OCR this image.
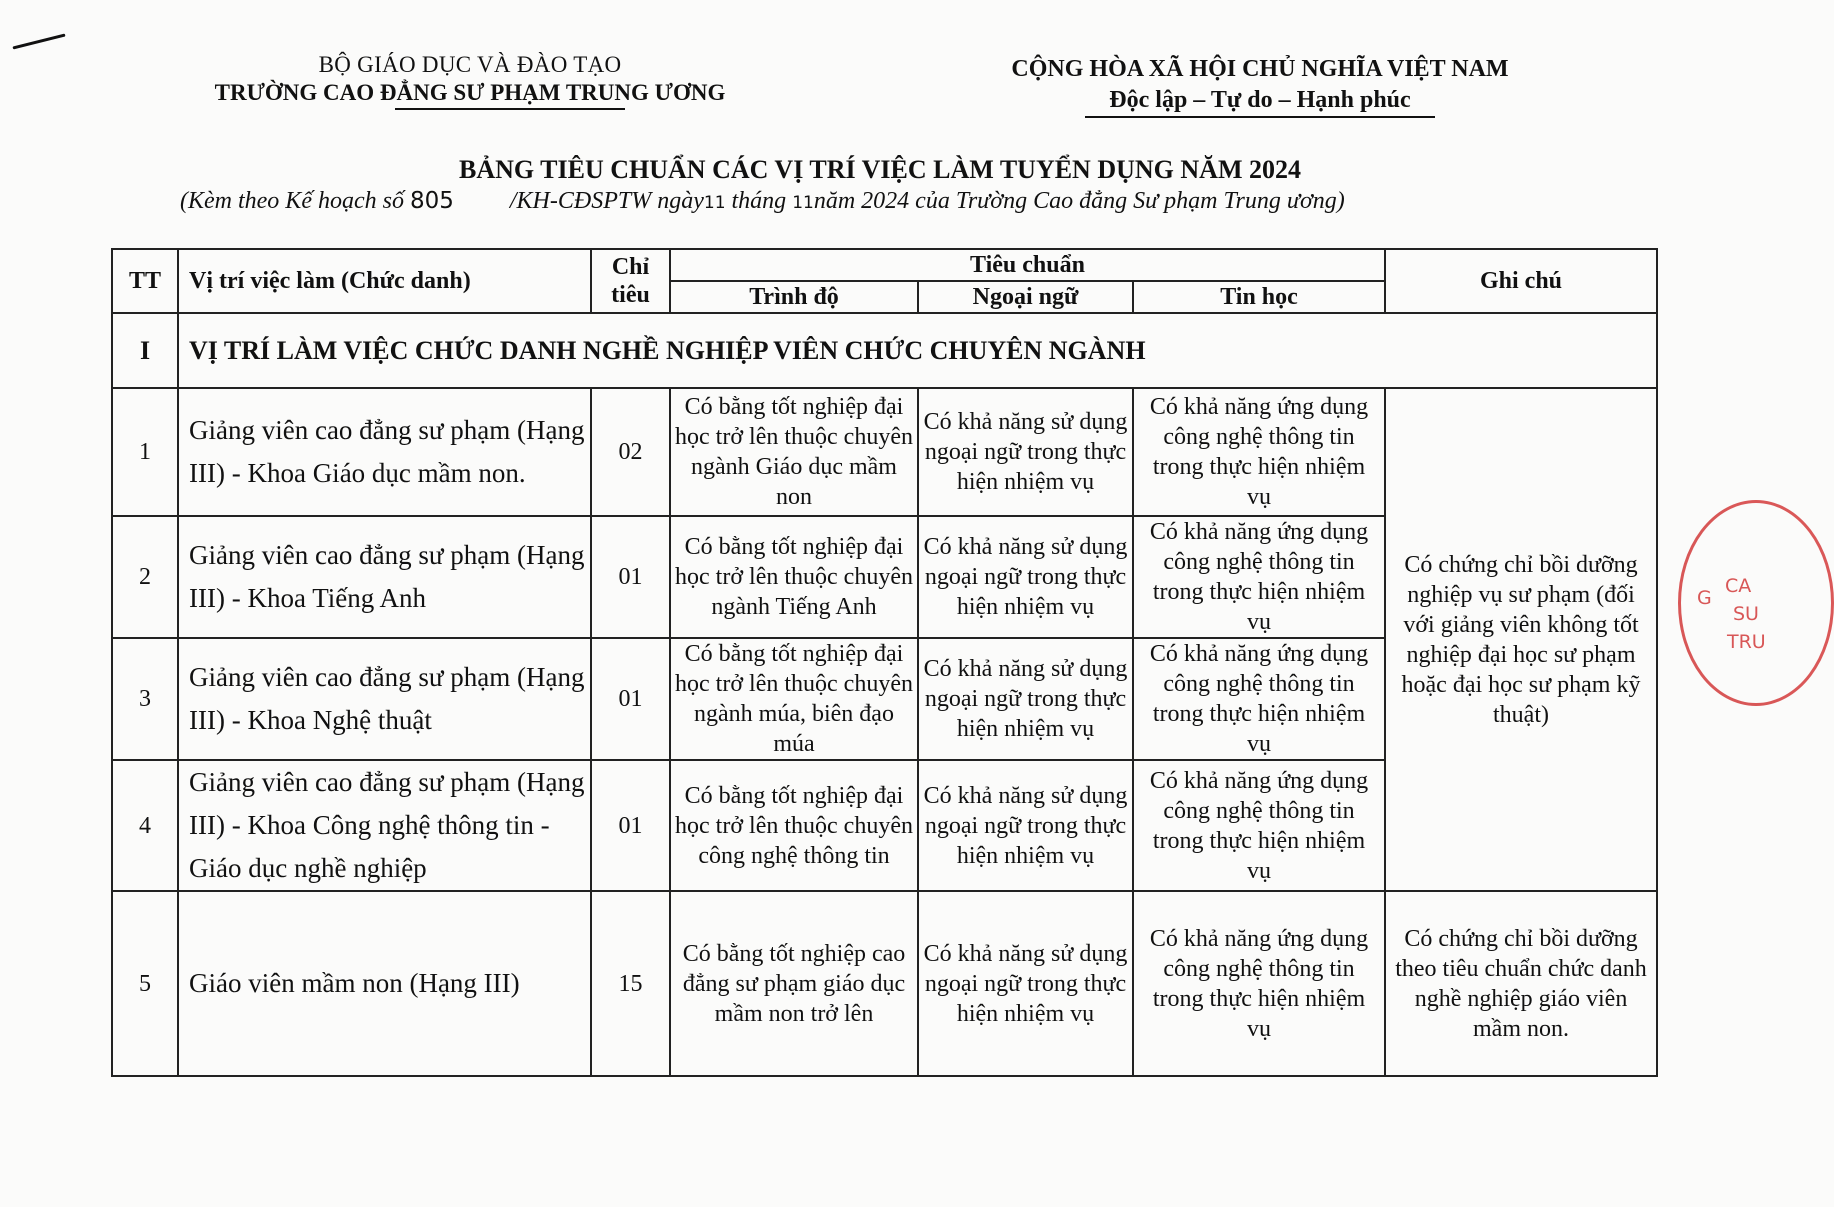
BỘ GIÁO DỤC VÀ ĐÀO TẠO
TRƯỜNG CAO ĐẲNG SƯ PHẠM TRUNG ƯƠNG
CỘNG HÒA XÃ HỘI CHỦ NGHĨA VIỆT NAM
Độc lập – Tự do – Hạnh phúc
BẢNG TIÊU CHUẨN CÁC VỊ TRÍ VIỆC LÀM TUYỂN DỤNG NĂM 2024
(Kèm theo Kế hoạch số 805 /KH-CĐSPTW ngày11 tháng 11năm 2024 của Trường Cao đẳng Sư phạm Trung ương)
TT	Vị trí việc làm (Chức danh)	Chỉ tiêu	Tiêu chuẩn			Ghi chú
			Trình độ	Ngoại ngữ	Tin học	
I	VỊ TRÍ LÀM VIỆC CHỨC DANH NGHỀ NGHIỆP VIÊN CHỨC CHUYÊN NGÀNH					
1	Giảng viên cao đẳng sư phạm (Hạng III) - Khoa Giáo dục mầm non.	02	Có bằng tốt nghiệp đại học trở lên thuộc chuyên ngành Giáo dục mầm non	Có khả năng sử dụng ngoại ngữ trong thực hiện nhiệm vụ	Có khả năng ứng dụng công nghệ thông tin trong thực hiện nhiệm vụ	Có chứng chỉ bồi dưỡng nghiệp vụ sư phạm (đối với giảng viên không tốt nghiệp đại học sư phạm hoặc đại học sư phạm kỹ thuật)
2	Giảng viên cao đẳng sư phạm (Hạng III) - Khoa Tiếng Anh	01	Có bằng tốt nghiệp đại học trở lên thuộc chuyên ngành Tiếng Anh	Có khả năng sử dụng ngoại ngữ trong thực hiện nhiệm vụ	Có khả năng ứng dụng công nghệ thông tin trong thực hiện nhiệm vụ	
3	Giảng viên cao đẳng sư phạm (Hạng III) - Khoa Nghệ thuật	01	Có bằng tốt nghiệp đại học trở lên thuộc chuyên ngành múa, biên đạo múa	Có khả năng sử dụng ngoại ngữ trong thực hiện nhiệm vụ	Có khả năng ứng dụng công nghệ thông tin trong thực hiện nhiệm vụ	
4	Giảng viên cao đẳng sư phạm (Hạng III) - Khoa Công nghệ thông tin - Giáo dục nghề nghiệp	01	Có bằng tốt nghiệp đại học trở lên thuộc chuyên công nghệ thông tin	Có khả năng sử dụng ngoại ngữ trong thực hiện nhiệm vụ	Có khả năng ứng dụng công nghệ thông tin trong thực hiện nhiệm vụ	
5	Giáo viên mầm non (Hạng III)	15	Có bằng tốt nghiệp cao đẳng sư phạm giáo dục mầm non trở lên	Có khả năng sử dụng ngoại ngữ trong thực hiện nhiệm vụ	Có khả năng ứng dụng công nghệ thông tin trong thực hiện nhiệm vụ	Có chứng chỉ bồi dưỡng theo tiêu chuẩn chức danh nghề nghiệp giáo viên mầm non.
G
CA
SU
TRU
